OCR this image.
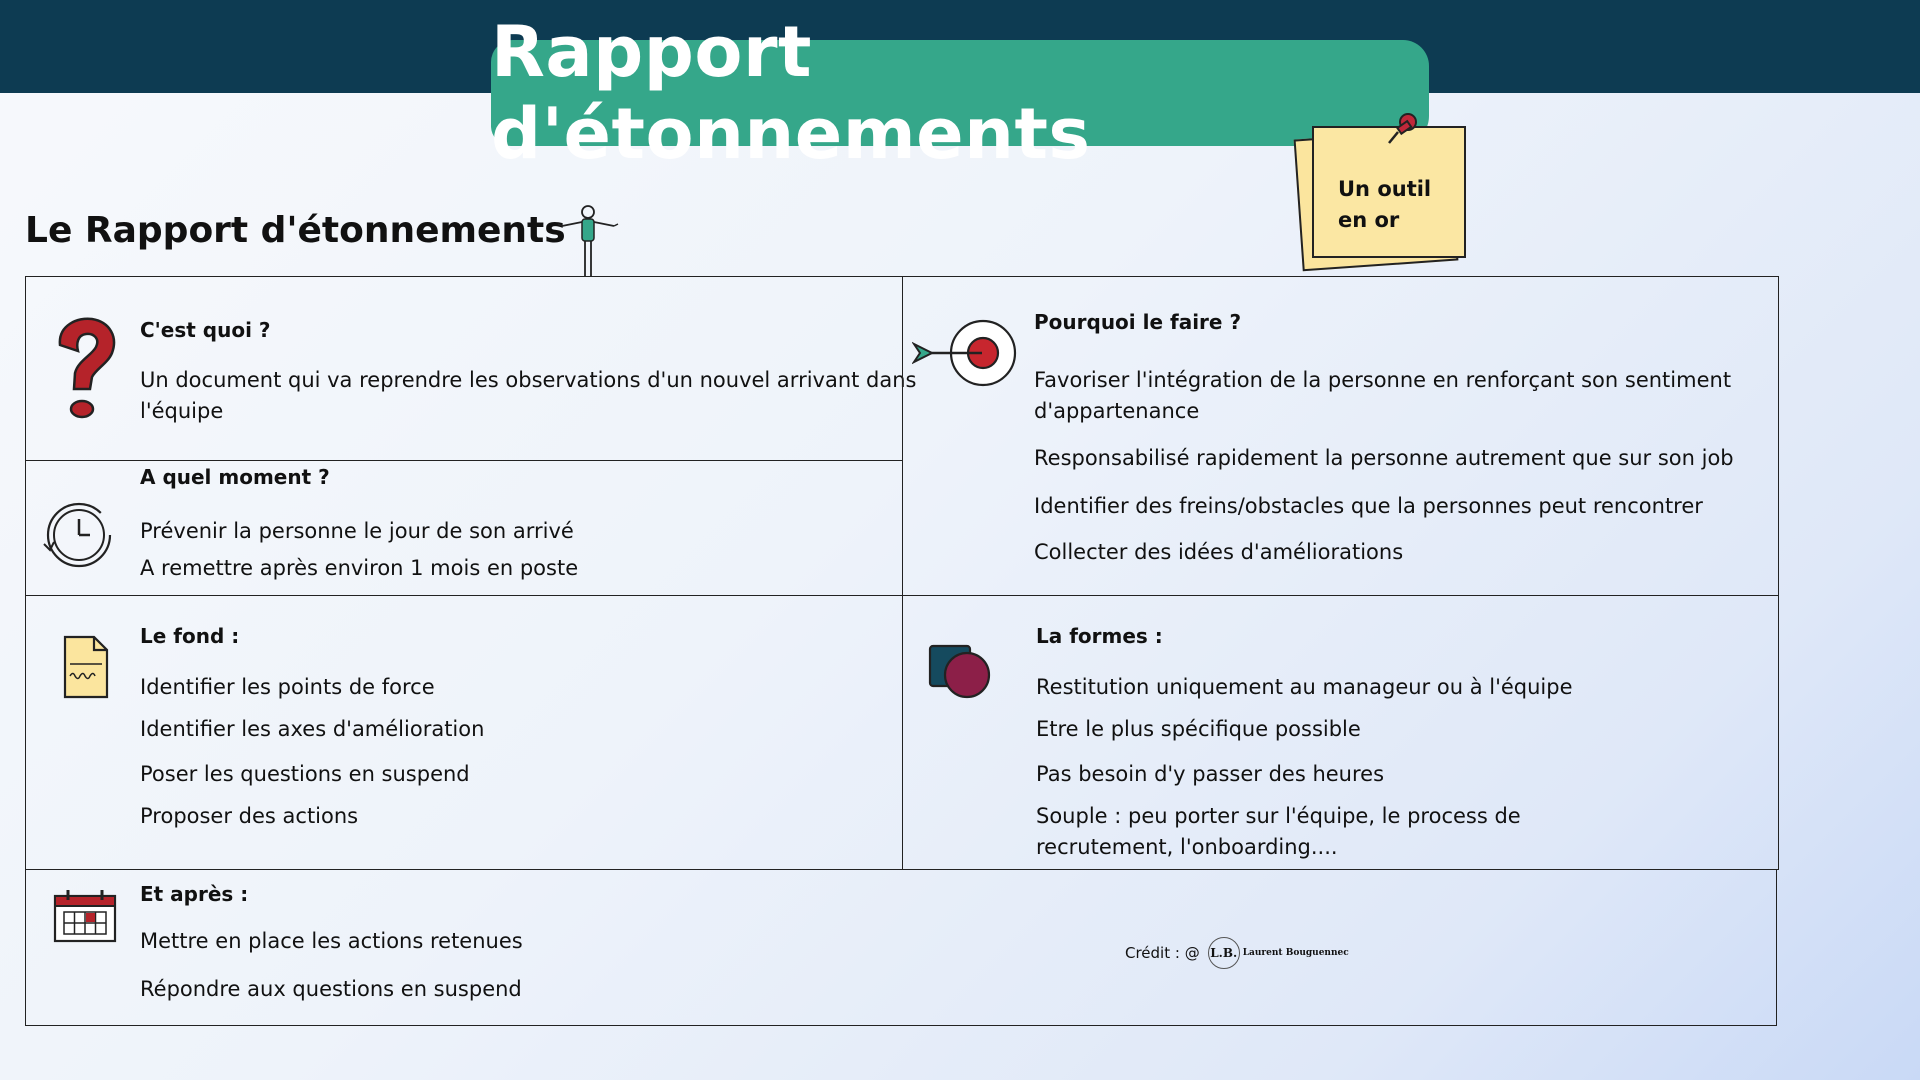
Rapport d'étonnements
Un outil
en or
Le Rapport d'étonnements
C'est quoi ?
Un document qui va reprendre les observations d'un nouvel arrivant dans
l'équipe
A quel moment ?
Prévenir la personne le jour de son arrivé
A remettre après environ 1 mois en poste
Pourquoi le faire ?
Favoriser l'intégration de la personne en renforçant son sentiment
d'appartenance
Responsabilisé rapidement la personne autrement que sur son job
Identifier des freins/obstacles que la personnes peut rencontrer
Collecter des idées d'améliorations
Le fond :
Identifier les points de force
Identifier les axes d'amélioration
Poser les questions en suspend
Proposer des actions
La formes :
Restitution uniquement au manageur ou à l'équipe
Etre le plus spécifique possible
Pas besoin d'y passer des heures
Souple : peu porter sur l'équipe, le process de
recrutement, l'onboarding....
Et après :
Mettre en place les actions retenues
Répondre aux questions en suspend
Crédit : @ L.B. Laurent Bouguennec
